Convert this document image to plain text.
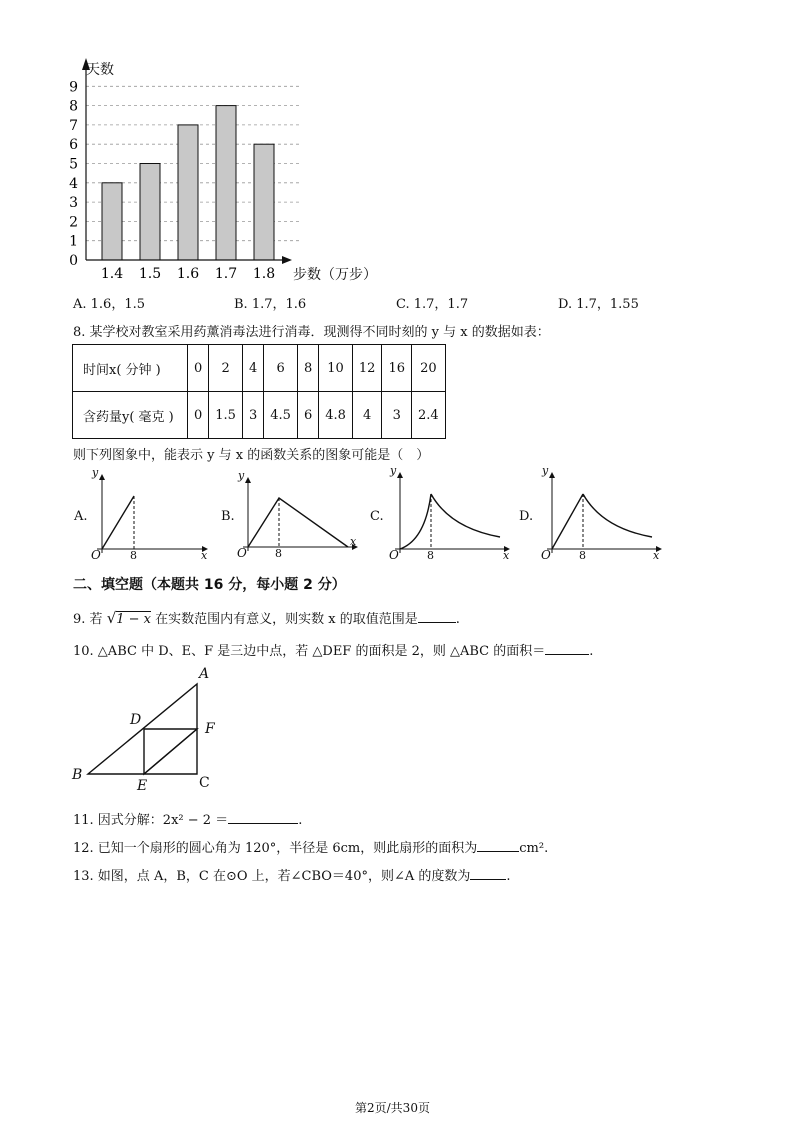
0
1
2
3
4
5
6
7
8
9
1.4 1.5 1.6 1.7 1.8
天数
步数（万步）
A. 1.6，1.5	B. 1.7，1.6	C. 1.7，1.7	D. 1.7，1.55
8. 某学校对教室采用药薰消毒法进行消毒．现测得不同时刻的 y 与 x 的数据如表：
时间x( 分钟 )	0	2	4	6	8	10	12	16	20
含药量y( 毫克 )	0	1.5	3	4.5	6	4.8	4	3	2.4
则下列图象中，能表示 y 与 x 的函数关系的图象可能是（　）
A.
y
O	8	x
B.
y
O	8
x
C.
y
O	8	x
D.
y
O	8	x
二、填空题（本题共 16 分，每小题 2 分）
9. 若 √1 − x 在实数范围内有意义，则实数 x 的取值范围是	.
10. △ABC 中 D、E、F 是三边中点，若 △DEF 的面积是 2，则 △ABC 的面积＝	.
A
B	C
D
E
F
11. 因式分解：2x² − 2 ＝	.
12. 已知一个扇形的圆心角为 120°，半径是 6cm，则此扇形的面积为	cm².
13. 如图，点 A，B，C 在⊙O 上，若∠CBO＝40°，则∠A 的度数为	.
第2页/共30页
